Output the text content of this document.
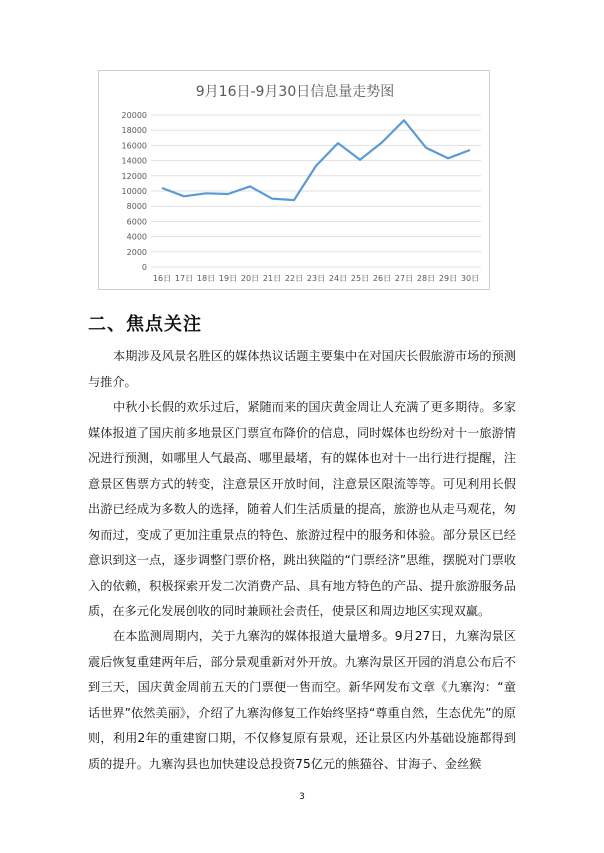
9月16日-9月30日信息量走势图
0
2000
4000
6000
8000
10000
12000
14000
16000
18000
20000
16日 17日 18日 19日 20日 21日 22日 23日 24日 25日 26日 27日 28日 29日 30日
二、焦点关注
本期涉及风景名胜区的媒体热议话题主要集中在对国庆长假旅游市场的预测与推介。
中秋小长假的欢乐过后，紧随而来的国庆黄金周让人充满了更多期待。多家媒体报道了国庆前多地景区门票宣布降价的信息，同时媒体也纷纷对十一旅游情况进行预测，如哪里人气最高、哪里最堵，有的媒体也对十一出行进行提醒，注意景区售票方式的转变，注意景区开放时间，注意景区限流等等。可见利用长假出游已经成为多数人的选择，随着人们生活质量的提高，旅游也从走马观花，匆匆而过，变成了更加注重景点的特色、旅游过程中的服务和体验。部分景区已经意识到这一点，逐步调整门票价格，跳出狭隘的“门票经济”思维，摆脱对门票收入的依赖，积极探索开发二次消费产品、具有地方特色的产品、提升旅游服务品质，在多元化发展创收的同时兼顾社会责任，使景区和周边地区实现双赢。
在本监测周期内，关于九寨沟的媒体报道大量增多。9月27日，九寨沟景区震后恢复重建两年后，部分景观重新对外开放。九寨沟景区开园的消息公布后不到三天，国庆黄金周前五天的门票便一售而空。新华网发布文章《九寨沟：“童话世界”依然美丽》，介绍了九寨沟修复工作始终坚持“尊重自然，生态优先”的原则，利用2年的重建窗口期，不仅修复原有景观，还让景区内外基础设施都得到质的提升。九寨沟县也加快建设总投资75亿元的熊猫谷、甘海子、金丝猴
3
